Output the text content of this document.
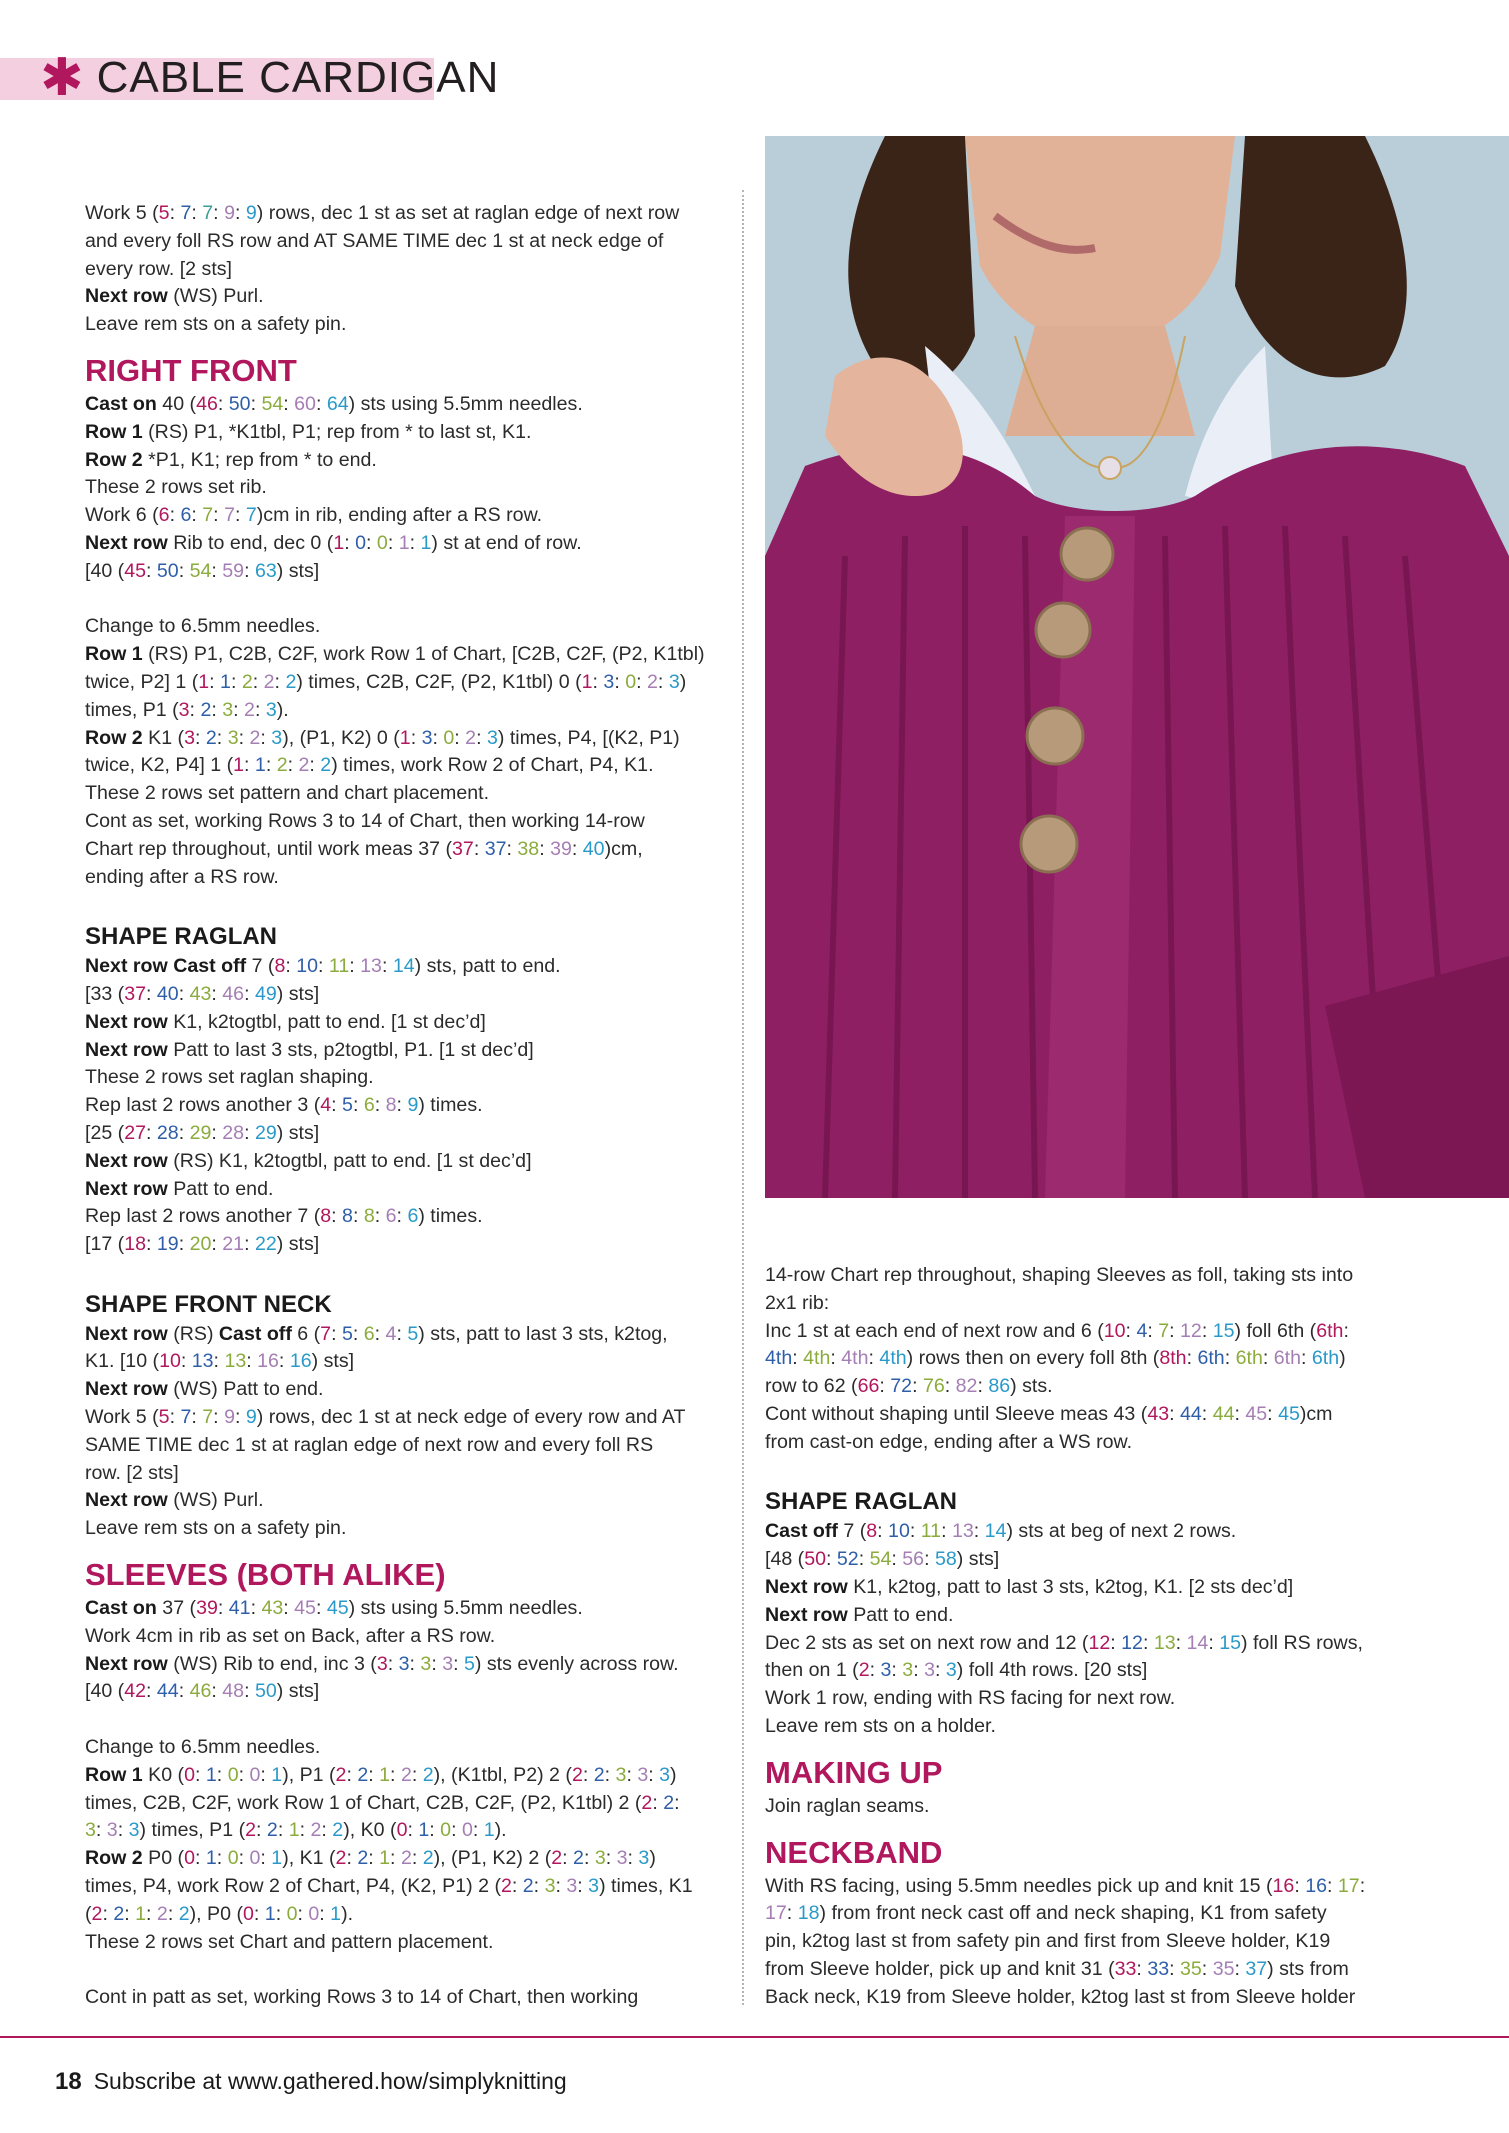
✱ CABLE CARDIGAN

Work 5 (5: 7: 7: 9: 9) rows, dec 1 st as set at raglan edge of next row

and every foll RS row and AT SAME TIME dec 1 st at neck edge of

every row. [2 sts]

Next row (WS) Purl.

Leave rem sts on a safety pin.

RIGHT FRONT

Cast on 40 (46: 50: 54: 60: 64) sts using 5.5mm needles.

Row 1 (RS) P1, *K1tbl, P1; rep from * to last st, K1.

Row 2 *P1, K1; rep from * to end.

These 2 rows set rib.

Work 6 (6: 6: 7: 7: 7)cm in rib, ending after a RS row.

Next row Rib to end, dec 0 (1: 0: 0: 1: 1) st at end of row.

[40 (45: 50: 54: 59: 63) sts]

Change to 6.5mm needles.

Row 1 (RS) P1, C2B, C2F, work Row 1 of Chart, [C2B, C2F, (P2, K1tbl)

twice, P2] 1 (1: 1: 2: 2: 2) times, C2B, C2F, (P2, K1tbl) 0 (1: 3: 0: 2: 3)

times, P1 (3: 2: 3: 2: 3).

Row 2 K1 (3: 2: 3: 2: 3), (P1, K2) 0 (1: 3: 0: 2: 3) times, P4, [(K2, P1)

twice, K2, P4] 1 (1: 1: 2: 2: 2) times, work Row 2 of Chart, P4, K1.

These 2 rows set pattern and chart placement.

Cont as set, working Rows 3 to 14 of Chart, then working 14-row

Chart rep throughout, until work meas 37 (37: 37: 38: 39: 40)cm,

ending after a RS row.

SHAPE RAGLAN

Next row Cast off 7 (8: 10: 11: 13: 14) sts, patt to end.

[33 (37: 40: 43: 46: 49) sts]

Next row K1, k2togtbl, patt to end. [1 st dec’d]

Next row Patt to last 3 sts, p2togtbl, P1. [1 st dec’d]

These 2 rows set raglan shaping.

Rep last 2 rows another 3 (4: 5: 6: 8: 9) times.

[25 (27: 28: 29: 28: 29) sts]

Next row (RS) K1, k2togtbl, patt to end. [1 st dec’d]

Next row Patt to end.

Rep last 2 rows another 7 (8: 8: 8: 6: 6) times.

[17 (18: 19: 20: 21: 22) sts]

SHAPE FRONT NECK

Next row (RS) Cast off 6 (7: 5: 6: 4: 5) sts, patt to last 3 sts, k2tog,

K1. [10 (10: 13: 13: 16: 16) sts]

Next row (WS) Patt to end.

Work 5 (5: 7: 7: 9: 9) rows, dec 1 st at neck edge of every row and AT

SAME TIME dec 1 st at raglan edge of next row and every foll RS

row. [2 sts]

Next row (WS) Purl.

Leave rem sts on a safety pin.

SLEEVES (BOTH ALIKE)

Cast on 37 (39: 41: 43: 45: 45) sts using 5.5mm needles.

Work 4cm in rib as set on Back, after a RS row.

Next row (WS) Rib to end, inc 3 (3: 3: 3: 3: 5) sts evenly across row.

[40 (42: 44: 46: 48: 50) sts]

Change to 6.5mm needles.

Row 1 K0 (0: 1: 0: 0: 1), P1 (2: 2: 1: 2: 2), (K1tbl, P2) 2 (2: 2: 3: 3: 3)

times, C2B, C2F, work Row 1 of Chart, C2B, C2F, (P2, K1tbl) 2 (2: 2:

3: 3: 3) times, P1 (2: 2: 1: 2: 2), K0 (0: 1: 0: 0: 1).

Row 2 P0 (0: 1: 0: 0: 1), K1 (2: 2: 1: 2: 2), (P1, K2) 2 (2: 2: 3: 3: 3)

times, P4, work Row 2 of Chart, P4, (K2, P1) 2 (2: 2: 3: 3: 3) times, K1

(2: 2: 1: 2: 2), P0 (0: 1: 0: 0: 1).

These 2 rows set Chart and pattern placement.

Cont in patt as set, working Rows 3 to 14 of Chart, then working

14-row Chart rep throughout, shaping Sleeves as foll, taking sts into

2x1 rib:

Inc 1 st at each end of next row and 6 (10: 4: 7: 12: 15) foll 6th (6th:

4th: 4th: 4th: 4th) rows then on every foll 8th (8th: 6th: 6th: 6th: 6th)

row to 62 (66: 72: 76: 82: 86) sts.

Cont without shaping until Sleeve meas 43 (43: 44: 44: 45: 45)cm

from cast-on edge, ending after a WS row.

SHAPE RAGLAN

Cast off 7 (8: 10: 11: 13: 14) sts at beg of next 2 rows.

[48 (50: 52: 54: 56: 58) sts]

Next row K1, k2tog, patt to last 3 sts, k2tog, K1. [2 sts dec’d]

Next row Patt to end.

Dec 2 sts as set on next row and 12 (12: 12: 13: 14: 15) foll RS rows,

then on 1 (2: 3: 3: 3: 3) foll 4th rows. [20 sts]

Work 1 row, ending with RS facing for next row.

Leave rem sts on a holder.

MAKING UP

Join raglan seams.

NECKBAND

With RS facing, using 5.5mm needles pick up and knit 15 (16: 16: 17:

17: 18) from front neck cast off and neck shaping, K1 from safety

pin, k2tog last st from safety pin and first from Sleeve holder, K19

from Sleeve holder, pick up and knit 31 (33: 33: 35: 35: 37) sts from

Back neck, K19 from Sleeve holder, k2tog last st from Sleeve holder

18 Subscribe at www.gathered.how/simplyknitting
